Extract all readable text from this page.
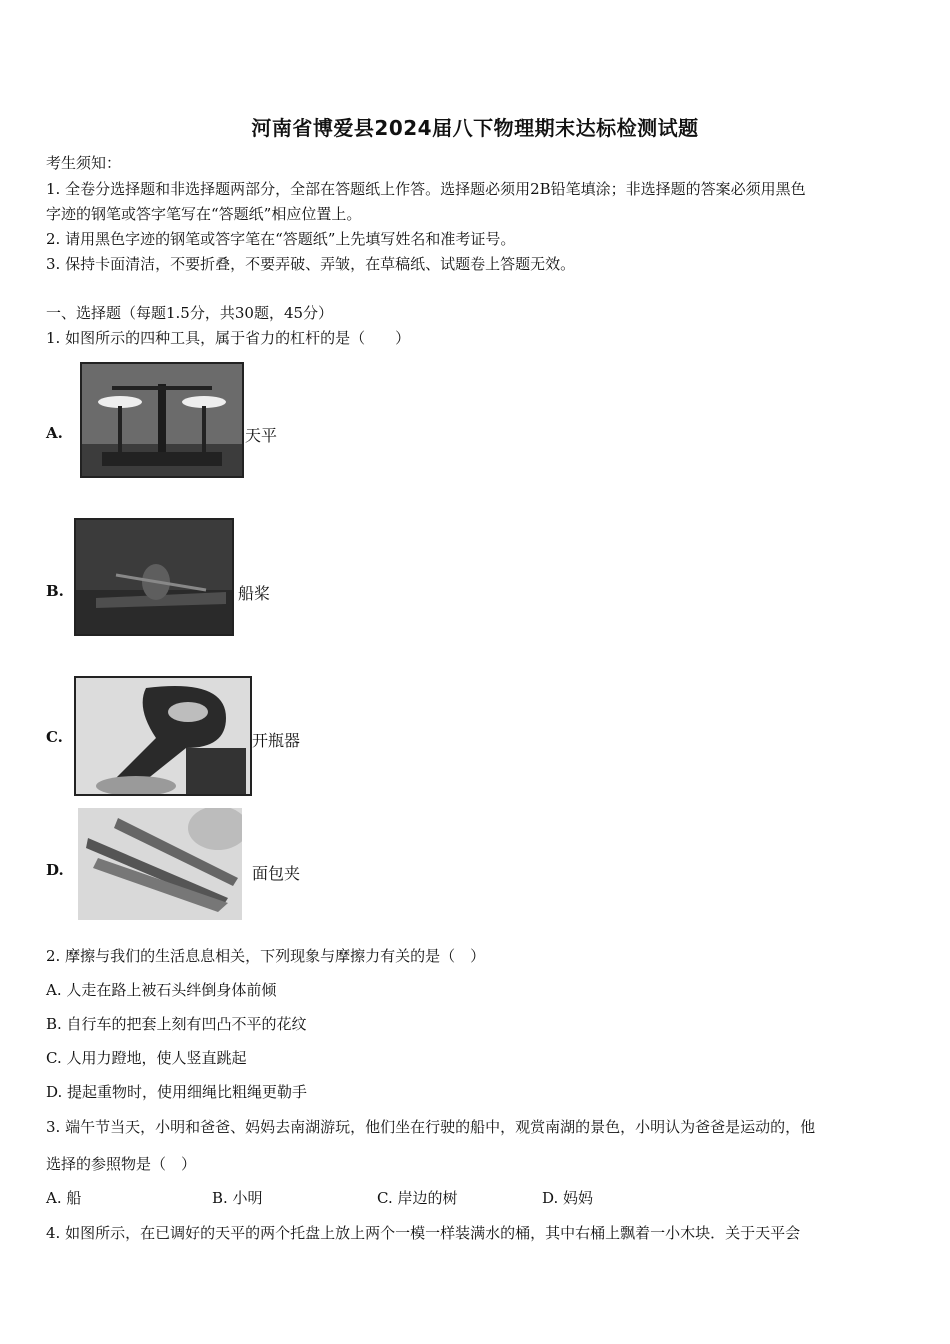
河南省博爱县2024届八下物理期末达标检测试题
考生须知：
1. 全卷分选择题和非选择题两部分，全部在答题纸上作答。选择题必须用2B铅笔填涂；非选择题的答案必须用黑色
字迹的钢笔或答字笔写在“答题纸”相应位置上。
2. 请用黑色字迹的钢笔或答字笔在“答题纸”上先填写姓名和准考证号。
3. 保持卡面清洁，不要折叠，不要弄破、弄皱，在草稿纸、试题卷上答题无效。
一、选择题（每题1.5分，共30题，45分）
1. 如图所示的四种工具，属于省力的杠杆的是（　　）
A.	天平
B.	船桨
C.	开瓶器
D.	面包夹
2. 摩擦与我们的生活息息相关，下列现象与摩擦力有关的是（　）
A. 人走在路上被石头绊倒身体前倾
B. 自行车的把套上刻有凹凸不平的花纹
C. 人用力蹬地，使人竖直跳起
D. 提起重物时，使用细绳比粗绳更勒手
3. 端午节当天，小明和爸爸、妈妈去南湖游玩，他们坐在行驶的船中，观赏南湖的景色，小明认为爸爸是运动的，他
选择的参照物是（　）
A. 船	B. 小明	C. 岸边的树	D. 妈妈
4. 如图所示，在已调好的天平的两个托盘上放上两个一模一样装满水的桶，其中右桶上飘着一小木块．关于天平会
